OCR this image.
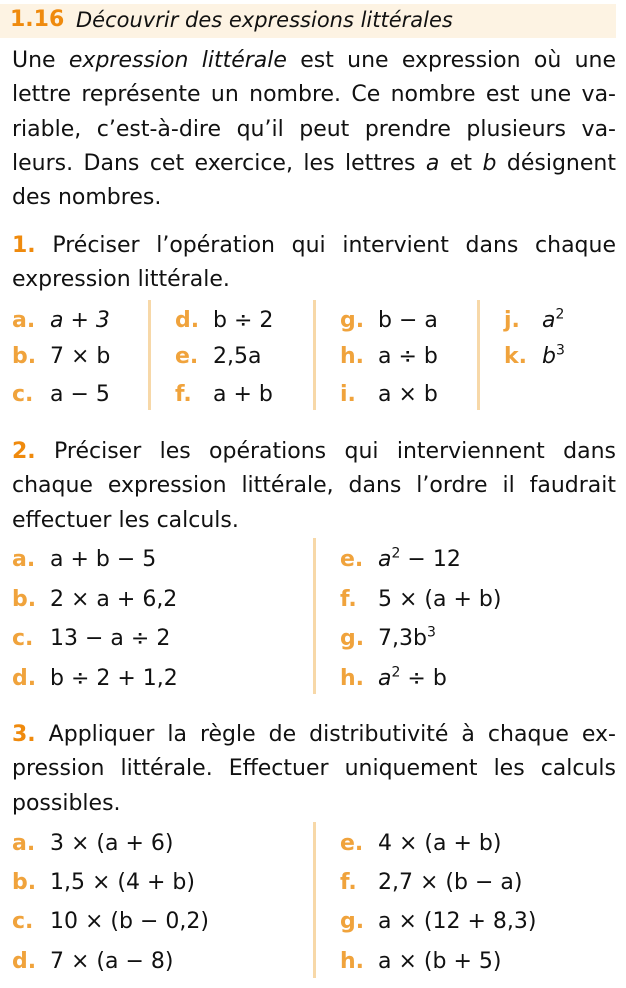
1.16 Découvrir des expressions littérales

Une expression littérale est une expression où une lettre représente un nombre. Ce nombre est une va-riable, c’est-à-dire qu’il peut prendre plusieurs va-leurs. Dans cet exercice, les lettres a et b désignent des nombres.

1. Préciser l’opération qui intervient dans chaque expression littérale.

a. a + 3
b. 7 × b
c. a − 5
d. b ÷ 2
e. 2,5a
f. a + b
g. b − a
h. a ÷ b
i. a × b
j. $a^2$
k. $b^3$

2. Préciser les opérations qui interviennent dans chaque expression littérale, dans l’ordre il faudrait effectuer les calculs.

a. a + b − 5
b. 2 × a + 6,2
c. 13 − a ÷ 2
d. b ÷ 2 + 1,2
e. $a^2 - 12$
f. 5 × (a + b)
g. $7,3b^3$
h. $a^2 \div b$

3. Appliquer la règle de distributivité à chaque ex-pression littérale. Effectuer uniquement les calculs possibles.

a. 3 × (a + 6)
b. 1,5 × (4 + b)
c. 10 × (b − 0,2)
d. 7 × (a − 8)
e. 4 × (a + b)
f. 2,7 × (b − a)
g. a × (12 + 8,3)
h. a × (b + 5)
